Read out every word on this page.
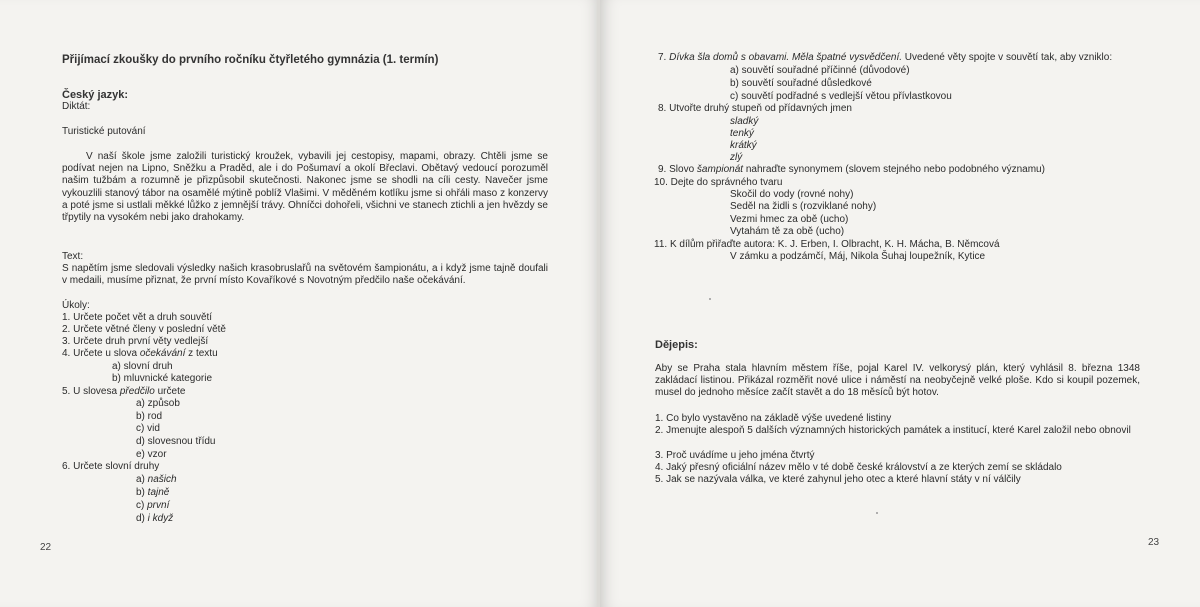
Přijímací zkoušky do prvního ročníku čtyřletého gymnázia (1. termín)
Český jazyk:
Diktát:
Turistické putování
V naší škole jsme založili turistický kroužek, vybavili jej cestopisy, mapami, obrazy. Chtěli jsme se podívat nejen na Lipno, Sněžku a Praděd, ale i do Pošumaví a okolí Břeclavi. Obětavý vedoucí porozuměl našim tužbám a rozumně je přizpůsobil skutečnosti. Nakonec jsme se shodli na cíli cesty. Navečer jsme vykouzlili stanový tábor na osamělé mýtině poblíž Vlašimi. V měděném kotlíku jsme si ohřáli maso z konzervy a poté jsme si ustlali měkké lůžko z jemnější trávy. Ohníčci dohořeli, všichni ve stanech ztichli a jen hvězdy se třpytily na vysokém nebi jako drahokamy.
Text:
S napětím jsme sledovali výsledky našich krasobruslařů na světovém šampionátu, a i když jsme tajně doufali v medaili, musíme přiznat, že první místo Kovaříkové s Novotným předčilo naše očekávání.
Úkoly:
1. Určete počet vět a druh souvětí
2. Určete větné členy v poslední větě
3. Určete druh první věty vedlejší
4. Určete u slova očekávání z textu
a) slovní druh
b) mluvnické kategorie
5. U slovesa předčilo určete
a) způsob
b) rod
c) vid
d) slovesnou třídu
e) vzor
6. Určete slovní druhy
a) našich
b) tajně
c) první
d) i když
22
7. Dívka šla domů s obavami. Měla špatné vysvědčení. Uvedené věty spojte v souvětí tak, aby vzniklo:
a) souvětí souřadné příčinné (důvodové)
b) souvětí souřadné důsledkové
c) souvětí podřadné s vedlejší větou přívlastkovou
8. Utvořte druhý stupeň od přídavných jmen
sladký
tenký
krátký
zlý
9. Slovo šampionát nahraďte synonymem (slovem stejného nebo podobného významu)
10. Dejte do správného tvaru
Skočil do vody (rovné nohy)
Seděl na židli s (rozviklané nohy)
Vezmi hmec za obě (ucho)
Vytahám tě za obě (ucho)
11. K dílům přiřaďte autora: K. J. Erben, I. Olbracht, K. H. Mácha, B. Němcová
V zámku a podzámčí, Máj, Nikola Šuhaj loupežník, Kytice
Dějepis:
Aby se Praha stala hlavním městem říše, pojal Karel IV. velkorysý plán, který vyhlásil 8. března 1348 zakládací listinou. Přikázal rozměřit nové ulice i náměstí na neobyčejně velké ploše. Kdo si koupil pozemek, musel do jednoho měsíce začít stavět a do 18 měsíců být hotov.
1. Co bylo vystavěno na základě výše uvedené listiny
2. Jmenujte alespoň 5 dalších významných historických památek a institucí, které Karel založil nebo obnovil
3. Proč uvádíme u jeho jména čtvrtý
4. Jaký přesný oficiální název mělo v té době české království a ze kterých zemí se skládalo
5. Jak se nazývala válka, ve které zahynul jeho otec a které hlavní státy v ní válčily
23
